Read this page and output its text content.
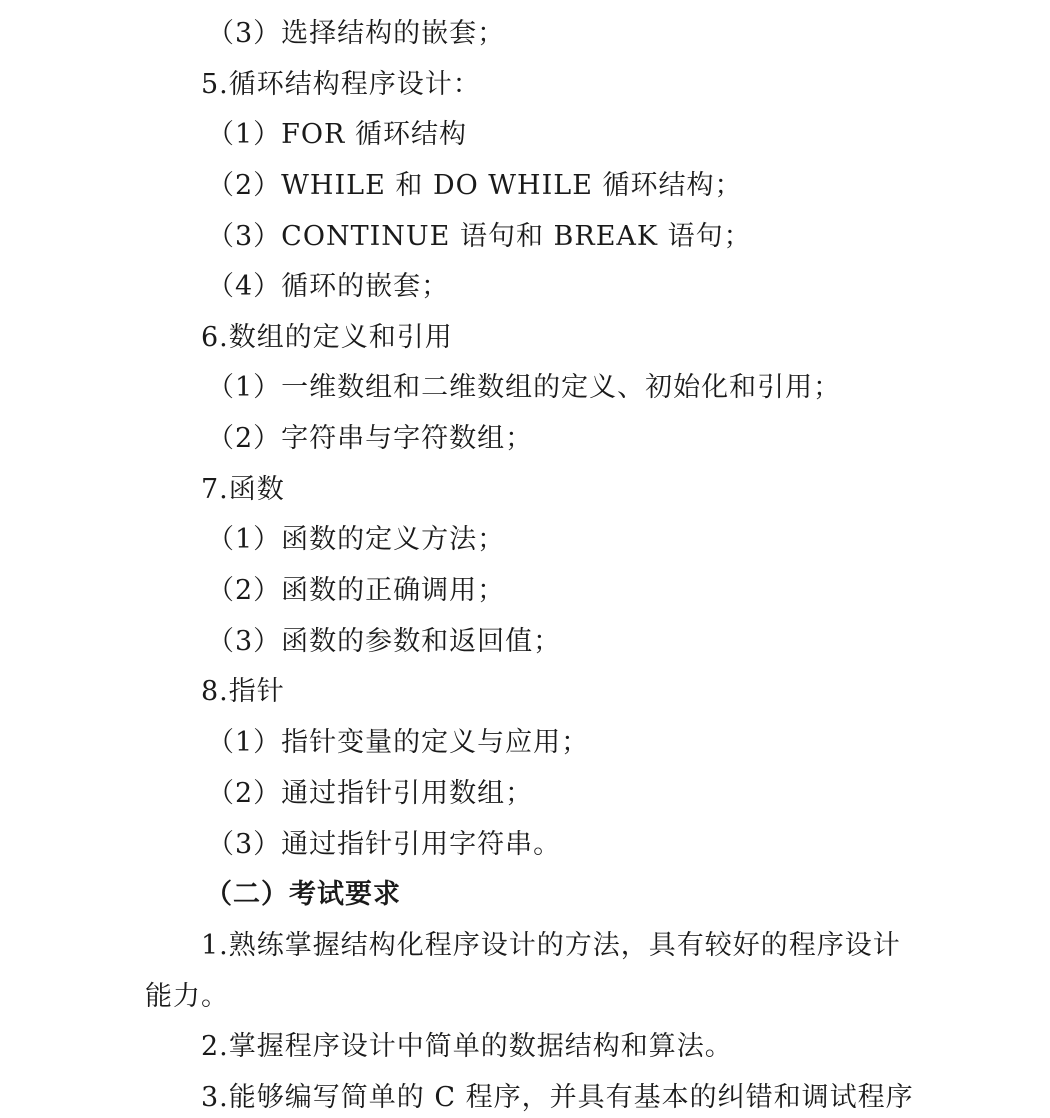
（3）选择结构的嵌套；
5.循环结构程序设计：
（1）FOR 循环结构
（2）WHILE 和 DO WHILE 循环结构；
（3）CONTINUE 语句和 BREAK 语句；
（4）循环的嵌套；
6.数组的定义和引用
（1）一维数组和二维数组的定义、初始化和引用；
（2）字符串与字符数组；
7.函数
（1）函数的定义方法；
（2）函数的正确调用；
（3）函数的参数和返回值；
8.指针
（1）指针变量的定义与应用；
（2）通过指针引用数组；
（3）通过指针引用字符串。
（二）考试要求
1.熟练掌握结构化程序设计的方法，具有较好的程序设计
能力。
2.掌握程序设计中简单的数据结构和算法。
3.能够编写简单的 C 程序，并具有基本的纠错和调试程序
